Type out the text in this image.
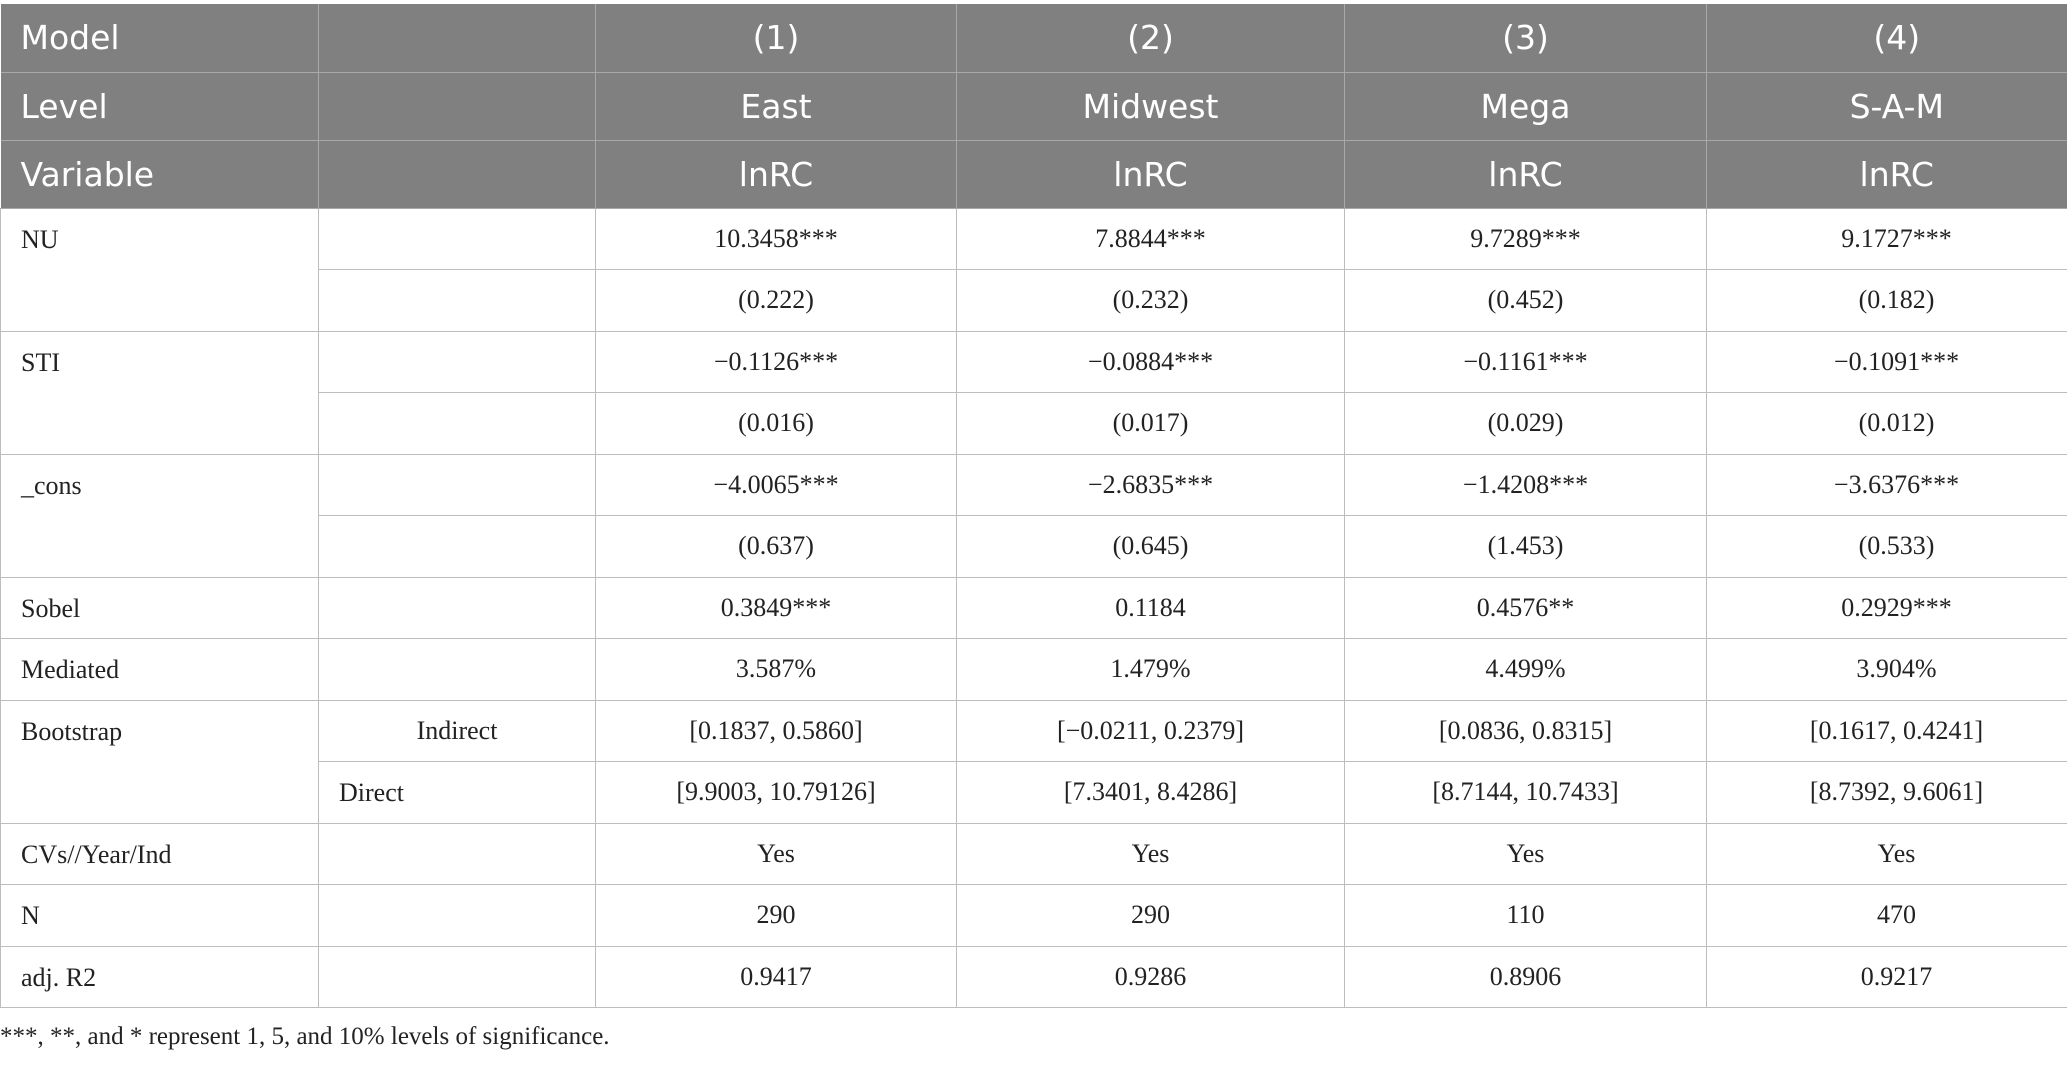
Model		(1)	(2)	(3)	(4)
Level		East	Midwest	Mega	S-A-M
Variable		lnRC	lnRC	lnRC	lnRC
NU		10.3458***	7.8844***	9.7289***	9.1727***
		(0.222)	(0.232)	(0.452)	(0.182)
STI		−0.1126***	−0.0884***	−0.1161***	−0.1091***
		(0.016)	(0.017)	(0.029)	(0.012)
_cons		−4.0065***	−2.6835***	−1.4208***	−3.6376***
		(0.637)	(0.645)	(1.453)	(0.533)
Sobel		0.3849***	0.1184	0.4576**	0.2929***
Mediated		3.587%	1.479%	4.499%	3.904%
Bootstrap	Indirect	[0.1837, 0.5860]	[−0.0211, 0.2379]	[0.0836, 0.8315]	[0.1617, 0.4241]
	Direct	[9.9003, 10.79126]	[7.3401, 8.4286]	[8.7144, 10.7433]	[8.7392, 9.6061]
CVs//Year/Ind		Yes	Yes	Yes	Yes
N		290	290	110	470
adj. R2		0.9417	0.9286	0.8906	0.9217
***, **, and * represent 1, 5, and 10% levels of significance.
